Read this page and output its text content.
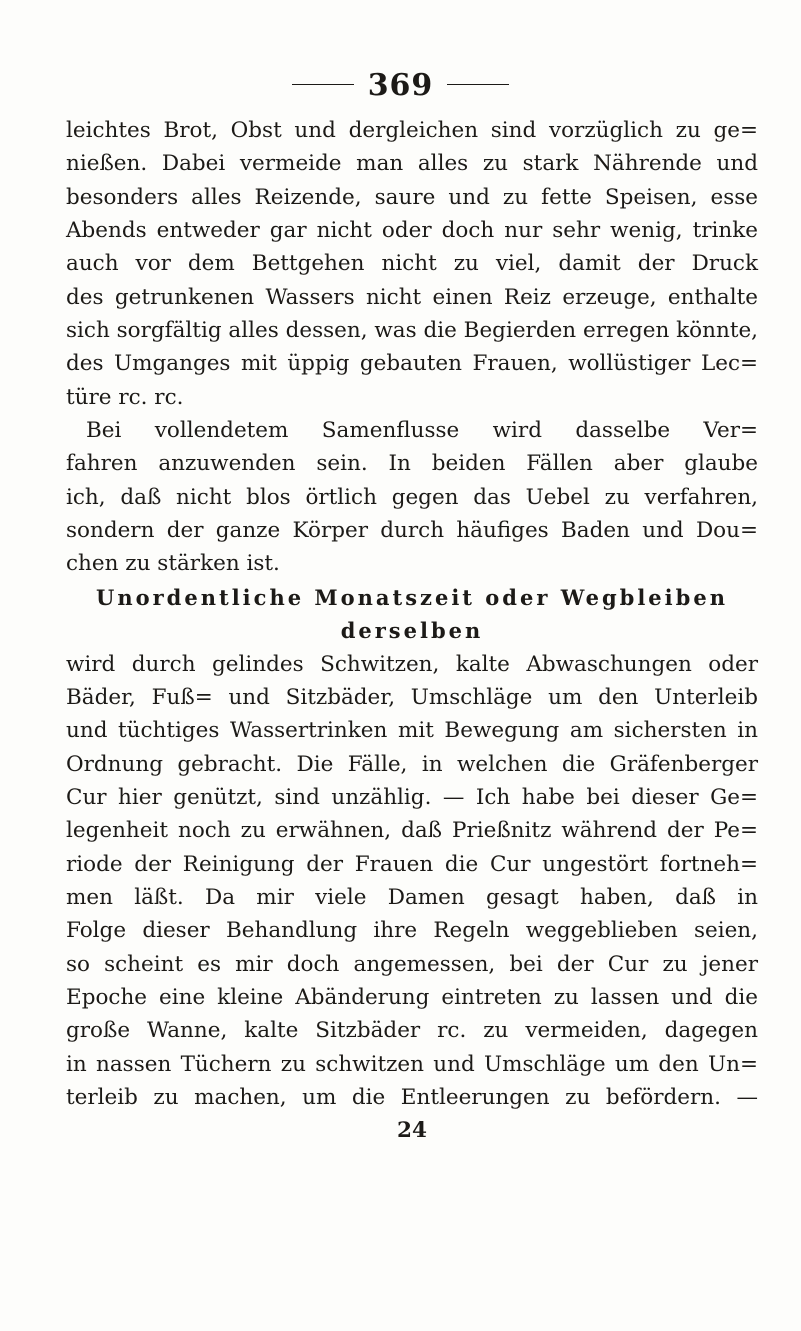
369
leichtes Brot, Obst und dergleichen sind vorzüglich zu ge=
nießen. Dabei vermeide man alles zu stark Nährende und
besonders alles Reizende, saure und zu fette Speisen, esse
Abends entweder gar nicht oder doch nur sehr wenig, trinke
auch vor dem Bettgehen nicht zu viel, damit der Druck
des getrunkenen Wassers nicht einen Reiz erzeuge, enthalte
sich sorgfältig alles dessen, was die Begierden erregen könnte,
des Umganges mit üppig gebauten Frauen, wollüstiger Lec=
türe rc. rc.
Bei vollendetem Samenflusse wird dasselbe Ver=
fahren anzuwenden sein. In beiden Fällen aber glaube
ich, daß nicht blos örtlich gegen das Uebel zu verfahren,
sondern der ganze Körper durch häufiges Baden und Dou=
chen zu stärken ist.
Unordentliche Monatszeit oder Wegbleiben
derselben
wird durch gelindes Schwitzen, kalte Abwaschungen oder
Bäder, Fuß= und Sitzbäder, Umschläge um den Unterleib
und tüchtiges Wassertrinken mit Bewegung am sichersten in
Ordnung gebracht. Die Fälle, in welchen die Gräfenberger
Cur hier genützt, sind unzählig. — Ich habe bei dieser Ge=
legenheit noch zu erwähnen, daß Prießnitz während der Pe=
riode der Reinigung der Frauen die Cur ungestört fortneh=
men läßt. Da mir viele Damen gesagt haben, daß in
Folge dieser Behandlung ihre Regeln weggeblieben seien,
so scheint es mir doch angemessen, bei der Cur zu jener
Epoche eine kleine Abänderung eintreten zu lassen und die
große Wanne, kalte Sitzbäder rc. zu vermeiden, dagegen
in nassen Tüchern zu schwitzen und Umschläge um den Un=
terleib zu machen, um die Entleerungen zu befördern. —
24
